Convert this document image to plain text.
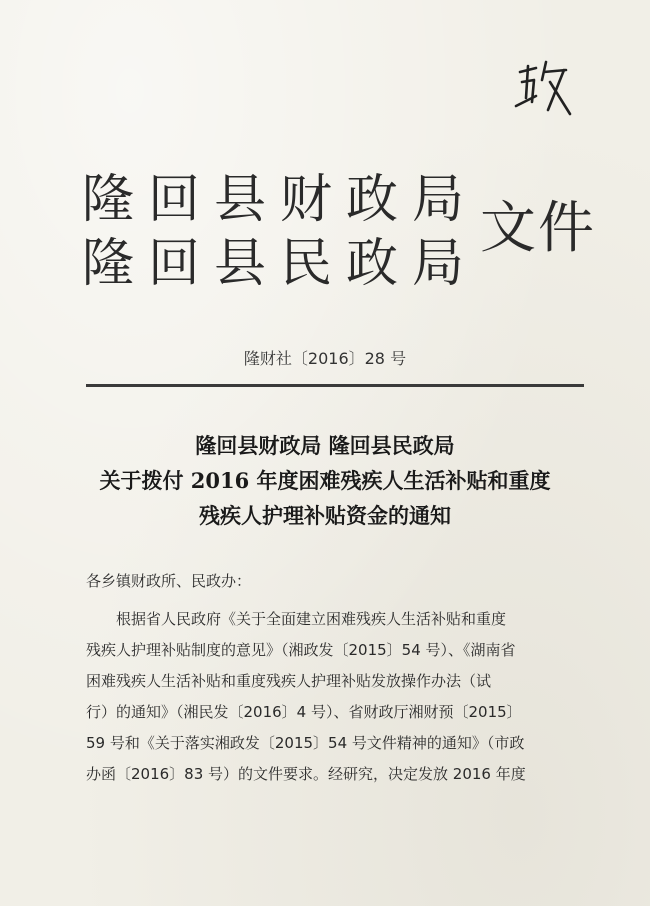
隆回县财政局
隆回县民政局
文件
隆财社〔2016〕28 号
隆回县财政局 隆回县民政局
关于拨付 2016 年度困难残疾人生活补贴和重度
残疾人护理补贴资金的通知
各乡镇财政所、民政办：
根据省人民政府《关于全面建立困难残疾人生活补贴和重度
残疾人护理补贴制度的意见》（湘政发〔2015〕54 号）、《湖南省
困难残疾人生活补贴和重度残疾人护理补贴发放操作办法（试
行）的通知》（湘民发〔2016〕4 号）、省财政厅湘财预〔2015〕
59 号和《关于落实湘政发〔2015〕54 号文件精神的通知》（市政
办函〔2016〕83 号）的文件要求。经研究，决定发放 2016 年度
